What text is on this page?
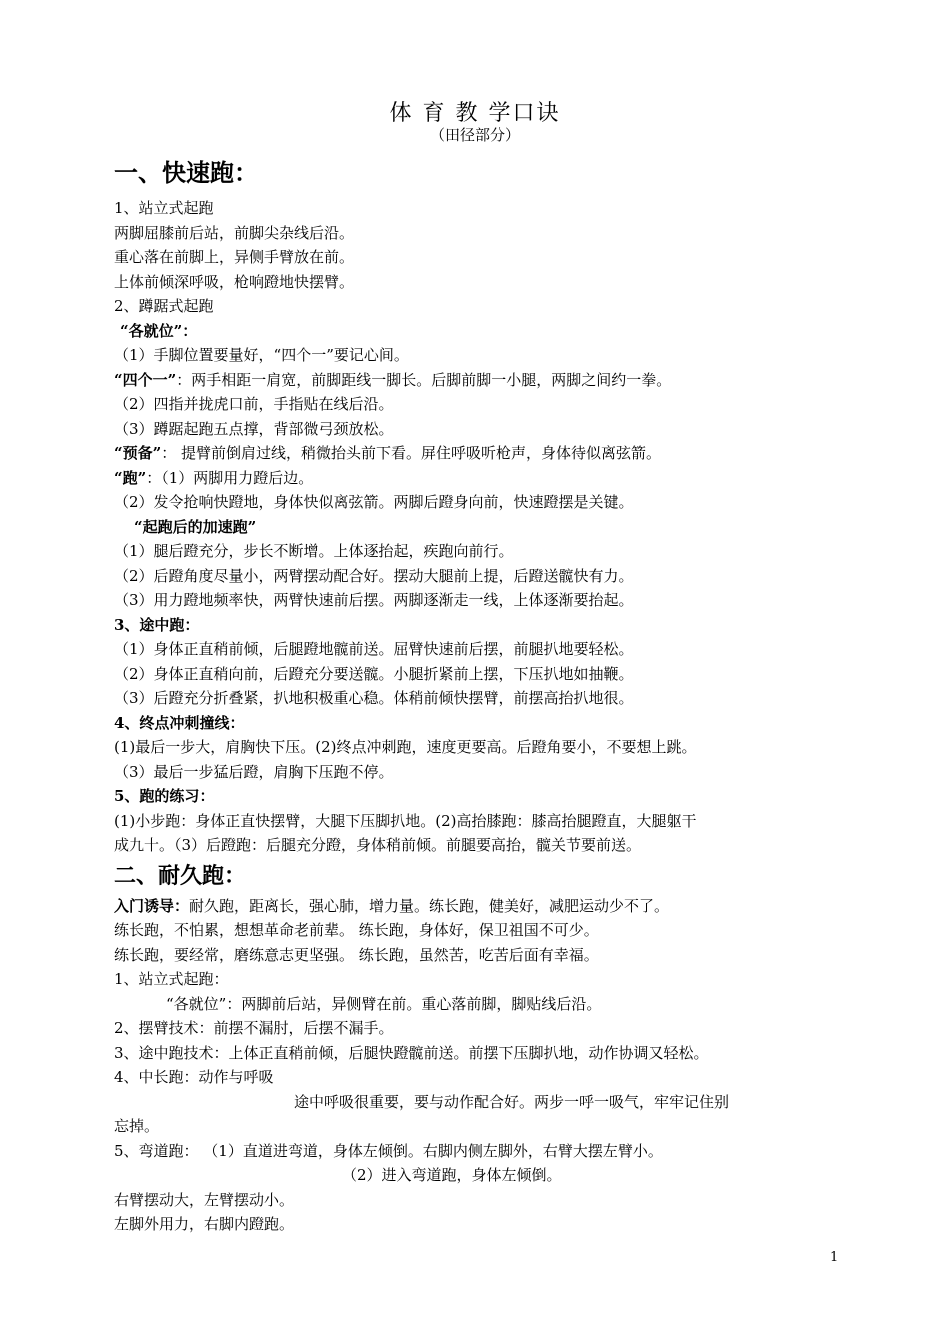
体 育 教 学口诀
（田径部分）

一、快速跑：

1、站立式起跑

两脚屈膝前后站，前脚尖杂线后沿。

重心落在前脚上，异侧手臂放在前。

上体前倾深呼吸，枪响蹬地快摆臂。

2、蹲踞式起跑

“各就位”：

（1）手脚位置要量好，“四个一”要记心间。

“四个一”：两手相距一肩宽，前脚距线一脚长。后脚前脚一小腿，两脚之间约一拳。

（2）四指并拢虎口前，手指贴在线后沿。

（3）蹲踞起跑五点撑，背部微弓颈放松。

“预备”： 提臂前倒肩过线，稍微抬头前下看。屏住呼吸听枪声，身体待似离弦箭。

“跑”：（1）两脚用力蹬后边。

（2）发令抢响快蹬地，身体快似离弦箭。两脚后蹬身向前，快速蹬摆是关键。

“起跑后的加速跑”

（1）腿后蹬充分，步长不断增。上体逐抬起，疾跑向前行。

（2）后蹬角度尽量小，两臂摆动配合好。摆动大腿前上提，后蹬送髋快有力。

（3）用力蹬地频率快，两臂快速前后摆。两脚逐渐走一线，上体逐渐要抬起。

3、途中跑：

（1）身体正直稍前倾，后腿蹬地髋前送。屈臂快速前后摆，前腿扒地要轻松。

（2）身体正直稍向前，后蹬充分要送髋。小腿折紧前上摆，下压扒地如抽鞭。

（3）后蹬充分折叠紧，扒地积极重心稳。体稍前倾快摆臂，前摆高抬扒地很。

4、终点冲刺撞线：

(1)最后一步大，肩胸快下压。(2)终点冲刺跑，速度更要高。后蹬角要小，不要想上跳。

（3）最后一步猛后蹬，肩胸下压跑不停。

5、跑的练习：

(1)小步跑：身体正直快摆臂，大腿下压脚扒地。(2)高抬膝跑：膝高抬腿蹬直，大腿躯干

成九十。（3）后蹬跑：后腿充分蹬，身体稍前倾。前腿要高抬，髋关节要前送。

二、耐久跑：

入门诱导：耐久跑，距离长，强心肺，增力量。练长跑，健美好，减肥运动少不了。

练长跑，不怕累，想想革命老前辈。 练长跑，身体好，保卫祖国不可少。

练长跑，要经常，磨练意志更坚强。 练长跑，虽然苦，吃苦后面有幸福。

1、站立式起跑：

“各就位”：两脚前后站，异侧臂在前。重心落前脚，脚贴线后沿。

2、摆臂技术：前摆不漏肘，后摆不漏手。

3、途中跑技术：上体正直稍前倾，后腿快蹬髋前送。前摆下压脚扒地，动作协调又轻松。

4、中长跑：动作与呼吸

途中呼吸很重要，要与动作配合好。两步一呼一吸气，牢牢记住别

忘掉。

5、弯道跑： （1）直道进弯道，身体左倾倒。右脚内侧左脚外，右臂大摆左臂小。

（2）进入弯道跑，身体左倾倒。

右臂摆动大，左臂摆动小。

左脚外用力，右脚内蹬跑。

1
